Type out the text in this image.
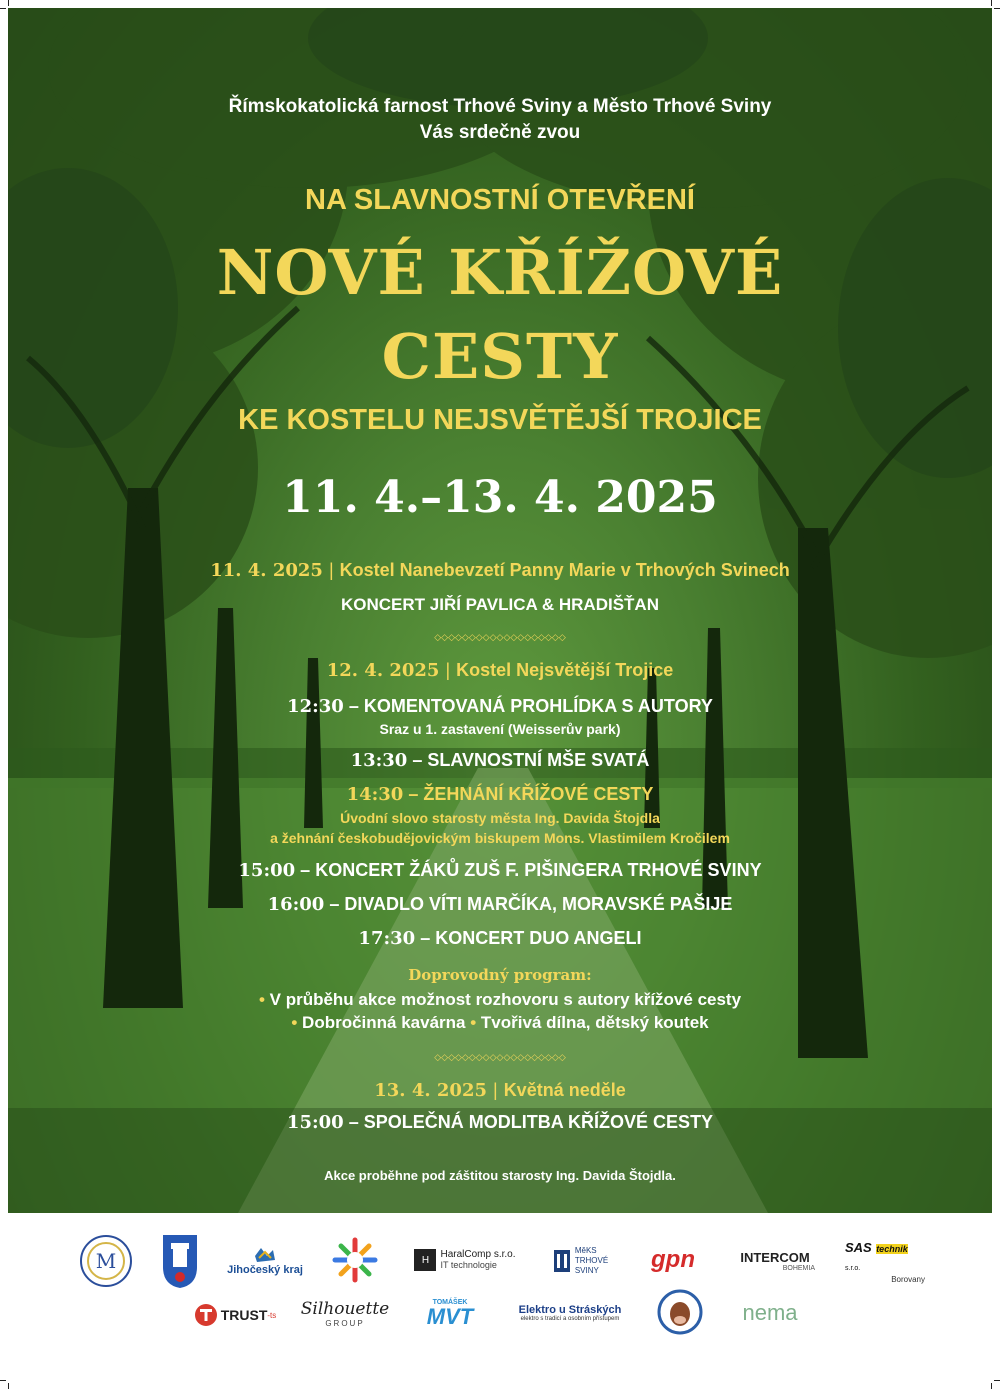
Římskokatolická farnost Trhové Sviny a Město Trhové Sviny
Vás srdečně zvou
NA SLAVNOSTNÍ OTEVŘENÍ
NOVÉ KŘÍŽOVÉ
CESTY
KE KOSTELU NEJSVĚTĚJŠÍ TROJICE
11. 4.–13. 4. 2025
11. 4. 2025 | Kostel Nanebevzetí Panny Marie v Trhových Svinech
KONCERT JIŘÍ PAVLICA & HRADIŠŤAN
◇◇◇◇◇◇◇◇◇◇◇◇◇◇◇◇◇◇◇
12. 4. 2025 | Kostel Nejsvětější Trojice
12:30 – KOMENTOVANÁ PROHLÍDKA S AUTORY
Sraz u 1. zastavení (Weisserův park)
13:30 – SLAVNOSTNÍ MŠE SVATÁ
14:30 – ŽEHNÁNÍ KŘÍŽOVÉ CESTY
Úvodní slovo starosty města Ing. Davida Štojdla
a žehnání českobudějovickým biskupem Mons. Vlastimilem Kročilem
15:00 – KONCERT ŽÁKŮ ZUŠ F. PIŠINGERA TRHOVÉ SVINY
16:00 – DIVADLO VÍTI MARČÍKA, MORAVSKÉ PAŠIJE
17:30 – KONCERT DUO ANGELI
Doprovodný program:
• V průběhu akce možnost rozhovoru s autory křížové cesty
• Dobročinná kavárna • Tvořivá dílna, dětský koutek
◇◇◇◇◇◇◇◇◇◇◇◇◇◇◇◇◇◇◇
13. 4. 2025 | Květná neděle
15:00 – SPOLEČNÁ MODLITBA KŘÍŽOVÉ CESTY
Akce proběhne pod záštitou starosty Ing. Davida Štojdla.
M	Jihočeský kraj
H	HaralComp s.r.o.
IT technologie
MěKS
TRHOVÉ
SVINY	gpn	INTERCOM
BOHEMIA
SAS technik s.r.o.
Borovany
TRUST -ts Silhouette
GROUP
TOMÁŠEK
MVT	Elektro u Stráských
elektro s tradicí a osobním přístupem	nema
